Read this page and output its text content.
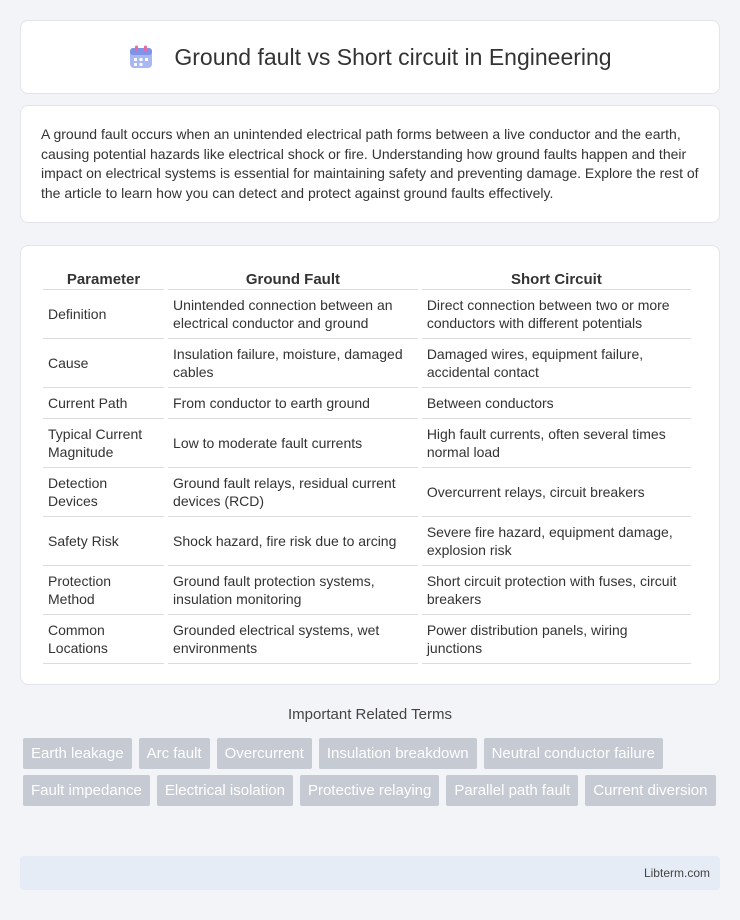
Ground fault vs Short circuit in Engineering

A ground fault occurs when an unintended electrical path forms between a live conductor and the earth, causing potential hazards like electrical shock or fire. Understanding how ground faults happen and their impact on electrical systems is essential for maintaining safety and preventing damage. Explore the rest of the article to learn how you can detect and protect against ground faults effectively.

Parameter	Ground Fault	Short Circuit
Definition	Unintended connection between an electrical conductor and ground	Direct connection between two or more conductors with different potentials
Cause	Insulation failure, moisture, damaged cables	Damaged wires, equipment failure, accidental contact
Current Path	From conductor to earth ground	Between conductors
Typical Current Magnitude	Low to moderate fault currents	High fault currents, often several times normal load
Detection Devices	Ground fault relays, residual current devices (RCD)	Overcurrent relays, circuit breakers
Safety Risk	Shock hazard, fire risk due to arcing	Severe fire hazard, equipment damage, explosion risk
Protection Method	Ground fault protection systems, insulation monitoring	Short circuit protection with fuses, circuit breakers
Common Locations	Grounded electrical systems, wet environments	Power distribution panels, wiring junctions
Important Related Terms
Earth leakage	Arc fault	Overcurrent	Insulation breakdown	Neutral conductor failure
Fault impedance	Electrical isolation	Protective relaying	Parallel path fault	Current diversion
Libterm.com
